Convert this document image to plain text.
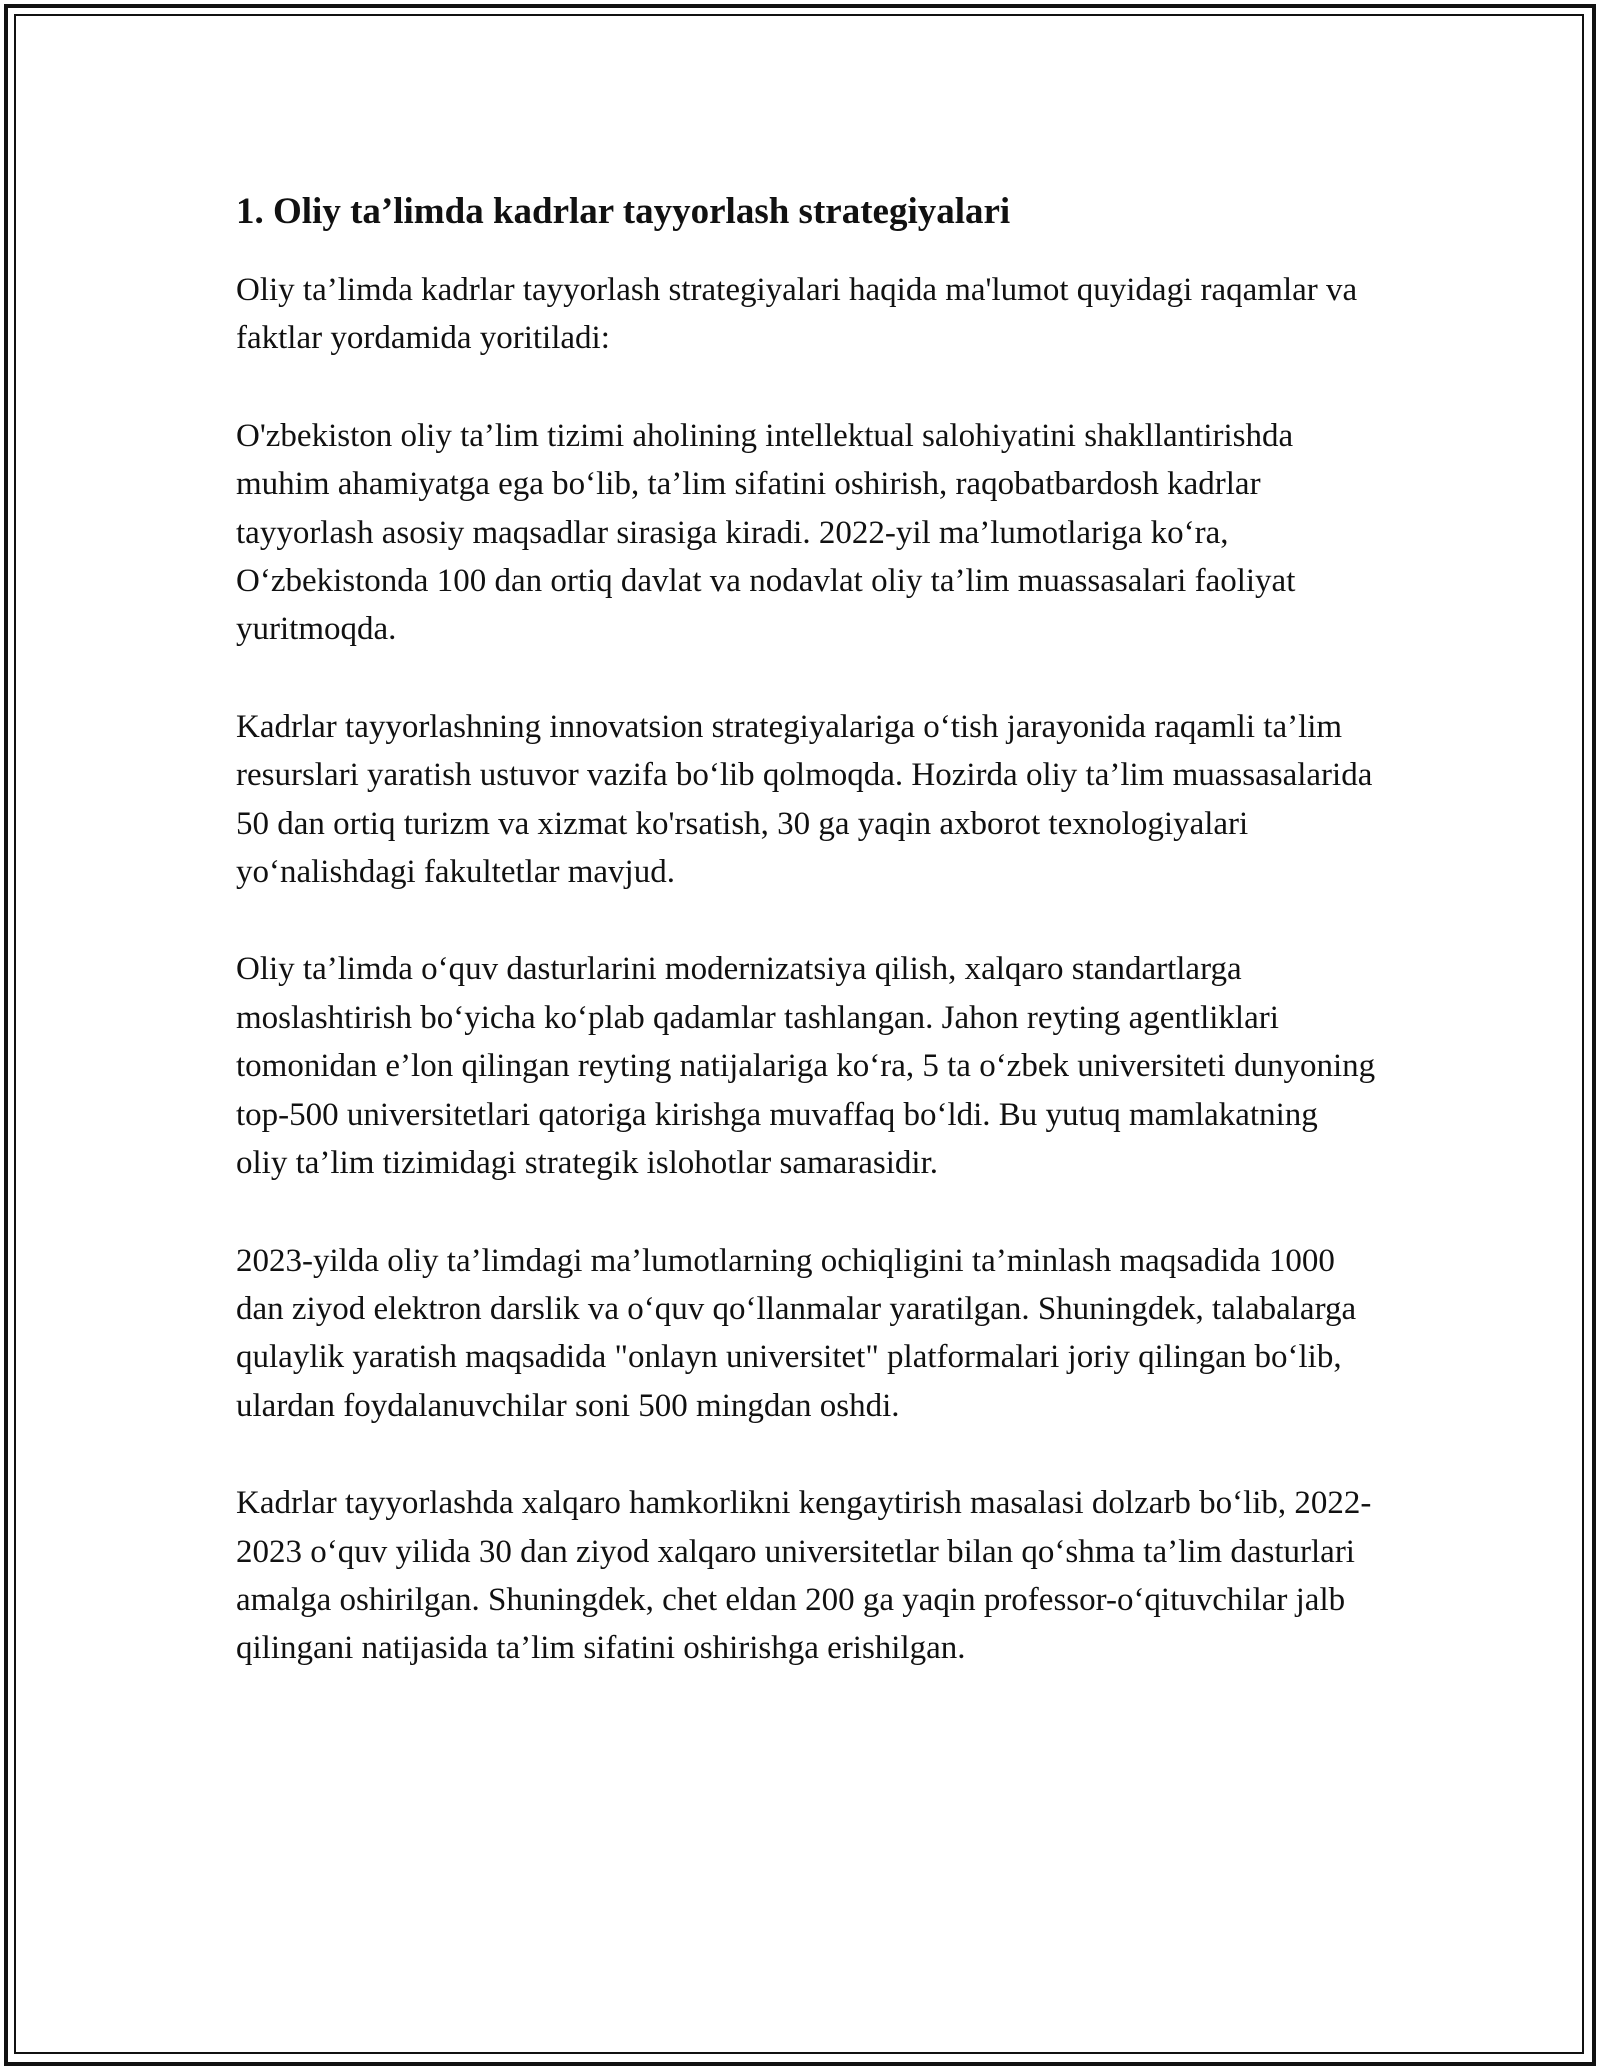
1. Oliy ta’limda kadrlar tayyorlash strategiyalari

Oliy ta’limda kadrlar tayyorlash strategiyalari haqida ma'lumot quyidagi raqamlar va faktlar yordamida yoritiladi:

O'zbekiston oliy ta’lim tizimi aholining intellektual salohiyatini shakllantirishda muhim ahamiyatga ega bo‘lib, ta’lim sifatini oshirish, raqobatbardosh kadrlar tayyorlash asosiy maqsadlar sirasiga kiradi. 2022-yil ma’lumotlariga ko‘ra, O‘zbekistonda 100 dan ortiq davlat va nodavlat oliy ta’lim muassasalari faoliyat yuritmoqda.

Kadrlar tayyorlashning innovatsion strategiyalariga o‘tish jarayonida raqamli ta’lim resurslari yaratish ustuvor vazifa bo‘lib qolmoqda. Hozirda oliy ta’lim muassasalarida 50 dan ortiq turizm va xizmat ko'rsatish, 30 ga yaqin axborot texnologiyalari yo‘nalishdagi fakultetlar mavjud.

Oliy ta’limda o‘quv dasturlarini modernizatsiya qilish, xalqaro standartlarga moslashtirish bo‘yicha ko‘plab qadamlar tashlangan. Jahon reyting agentliklari tomonidan e’lon qilingan reyting natijalariga ko‘ra, 5 ta o‘zbek universiteti dunyoning top-500 universitetlari qatoriga kirishga muvaffaq bo‘ldi. Bu yutuq mamlakatning oliy ta’lim tizimidagi strategik islohotlar samarasidir.

2023-yilda oliy ta’limdagi ma’lumotlarning ochiqligini ta’minlash maqsadida 1000 dan ziyod elektron darslik va o‘quv qo‘llanmalar yaratilgan. Shuningdek, talabalarga qulaylik yaratish maqsadida "onlayn universitet" platformalari joriy qilingan bo‘lib, ulardan foydalanuvchilar soni 500 mingdan oshdi.

Kadrlar tayyorlashda xalqaro hamkorlikni kengaytirish masalasi dolzarb bo‘lib, 2022-2023 o‘quv yilida 30 dan ziyod xalqaro universitetlar bilan qo‘shma ta’lim dasturlari amalga oshirilgan. Shuningdek, chet eldan 200 ga yaqin professor-o‘qituvchilar jalb qilingani natijasida ta’lim sifatini oshirishga erishilgan.
